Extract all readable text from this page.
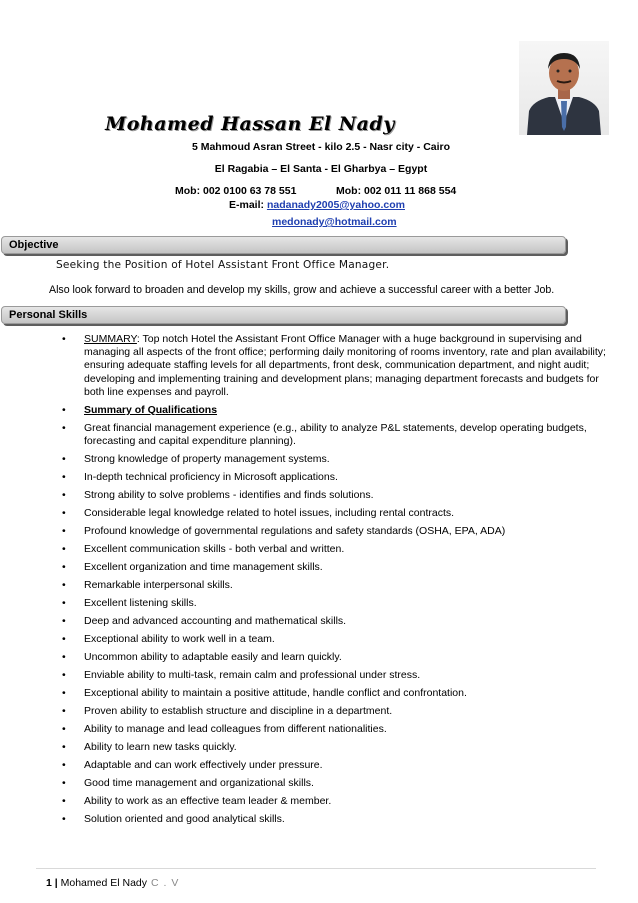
Mohamed Hassan El Nady
5 Mahmoud Asran Street - kilo 2.5 - Nasr city - Cairo
El Ragabia – El Santa - El Gharbya – Egypt
Mob: 002 0100 63 78 551	Mob: 002 011 11 868 554
E-mail: nadanady2005@yahoo.com
medonady@hotmail.com
Objective
Seeking the Position of Hotel Assistant Front Office Manager.
Also look forward to broaden and develop my skills, grow and achieve a successful career with a better Job.
Personal Skills
• SUMMARY: Top notch Hotel the Assistant Front Office Manager with a huge background in supervising and managing all aspects of the front office; performing daily monitoring of rooms inventory, rate and plan availability; ensuring adequate staffing levels for all departments, front desk, communication department, and night audit; developing and implementing training and development plans; managing department forecasts and budgets for both line expenses and payroll.
• Summary of Qualifications
• Great financial management experience (e.g., ability to analyze P&L statements, develop operating budgets, forecasting and capital expenditure planning).
• Strong knowledge of property management systems.
• In-depth technical proficiency in Microsoft applications.
• Strong ability to solve problems - identifies and finds solutions.
• Considerable legal knowledge related to hotel issues, including rental contracts.
• Profound knowledge of governmental regulations and safety standards (OSHA, EPA, ADA)
• Excellent communication skills - both verbal and written.
• Excellent organization and time management skills.
• Remarkable interpersonal skills.
• Excellent listening skills.
• Deep and advanced accounting and mathematical skills.
• Exceptional ability to work well in a team.
• Uncommon ability to adaptable easily and learn quickly.
• Enviable ability to multi-task, remain calm and professional under stress.
• Exceptional ability to maintain a positive attitude, handle conflict and confrontation.
• Proven ability to establish structure and discipline in a department.
• Ability to manage and lead colleagues from different nationalities.
• Ability to learn new tasks quickly.
• Adaptable and can work effectively under pressure.
• Good time management and organizational skills.
• Ability to work as an effective team leader & member.
• Solution oriented and good analytical skills.
1 | Mohamed El Nady C . V
